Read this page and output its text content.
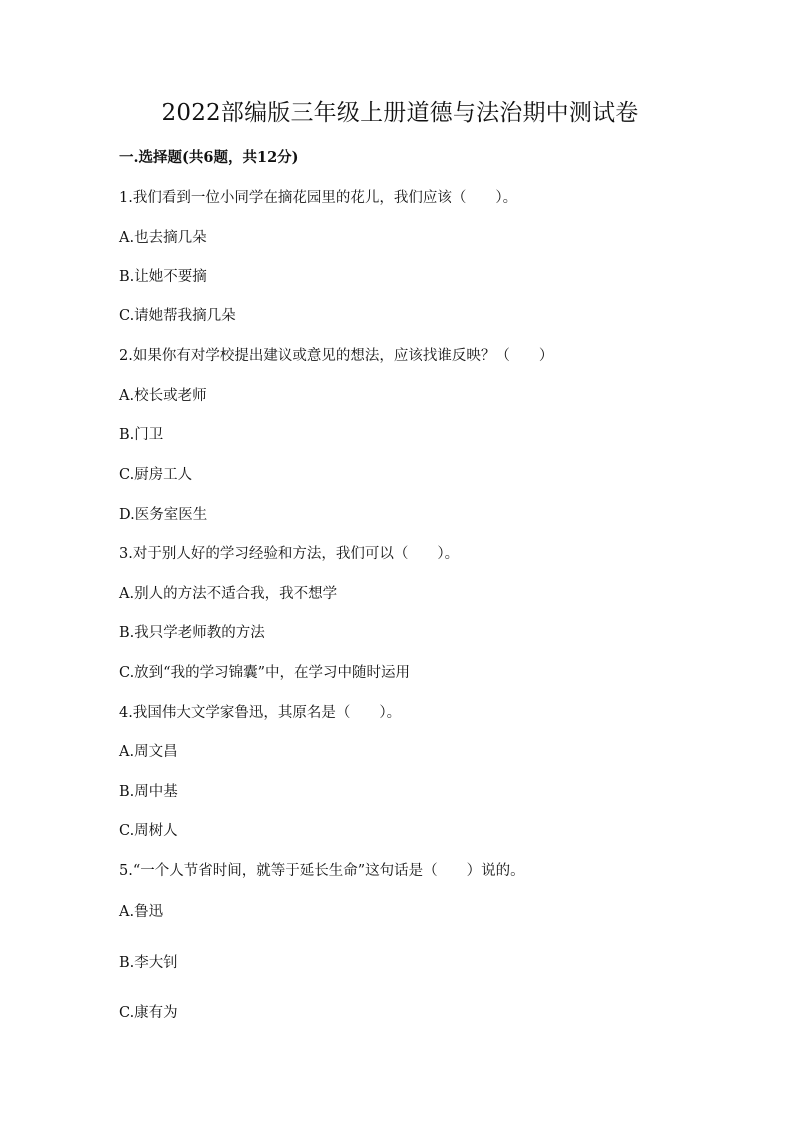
2022部编版三年级上册道德与法治期中测试卷
一.选择题(共6题，共12分)
1.我们看到一位小同学在摘花园里的花儿，我们应该（　　）。
A.也去摘几朵
B.让她不要摘
C.请她帮我摘几朵
2.如果你有对学校提出建议或意见的想法，应该找谁反映？（　　）
A.校长或老师
B.门卫
C.厨房工人
D.医务室医生
3.对于别人好的学习经验和方法，我们可以（　　）。
A.别人的方法不适合我，我不想学
B.我只学老师教的方法
C.放到“我的学习锦囊”中，在学习中随时运用
4.我国伟大文学家鲁迅，其原名是（　　）。
A.周文昌
B.周中基
C.周树人
5.“一个人节省时间，就等于延长生命”这句话是（　　）说的。
A.鲁迅
B.李大钊
C.康有为
